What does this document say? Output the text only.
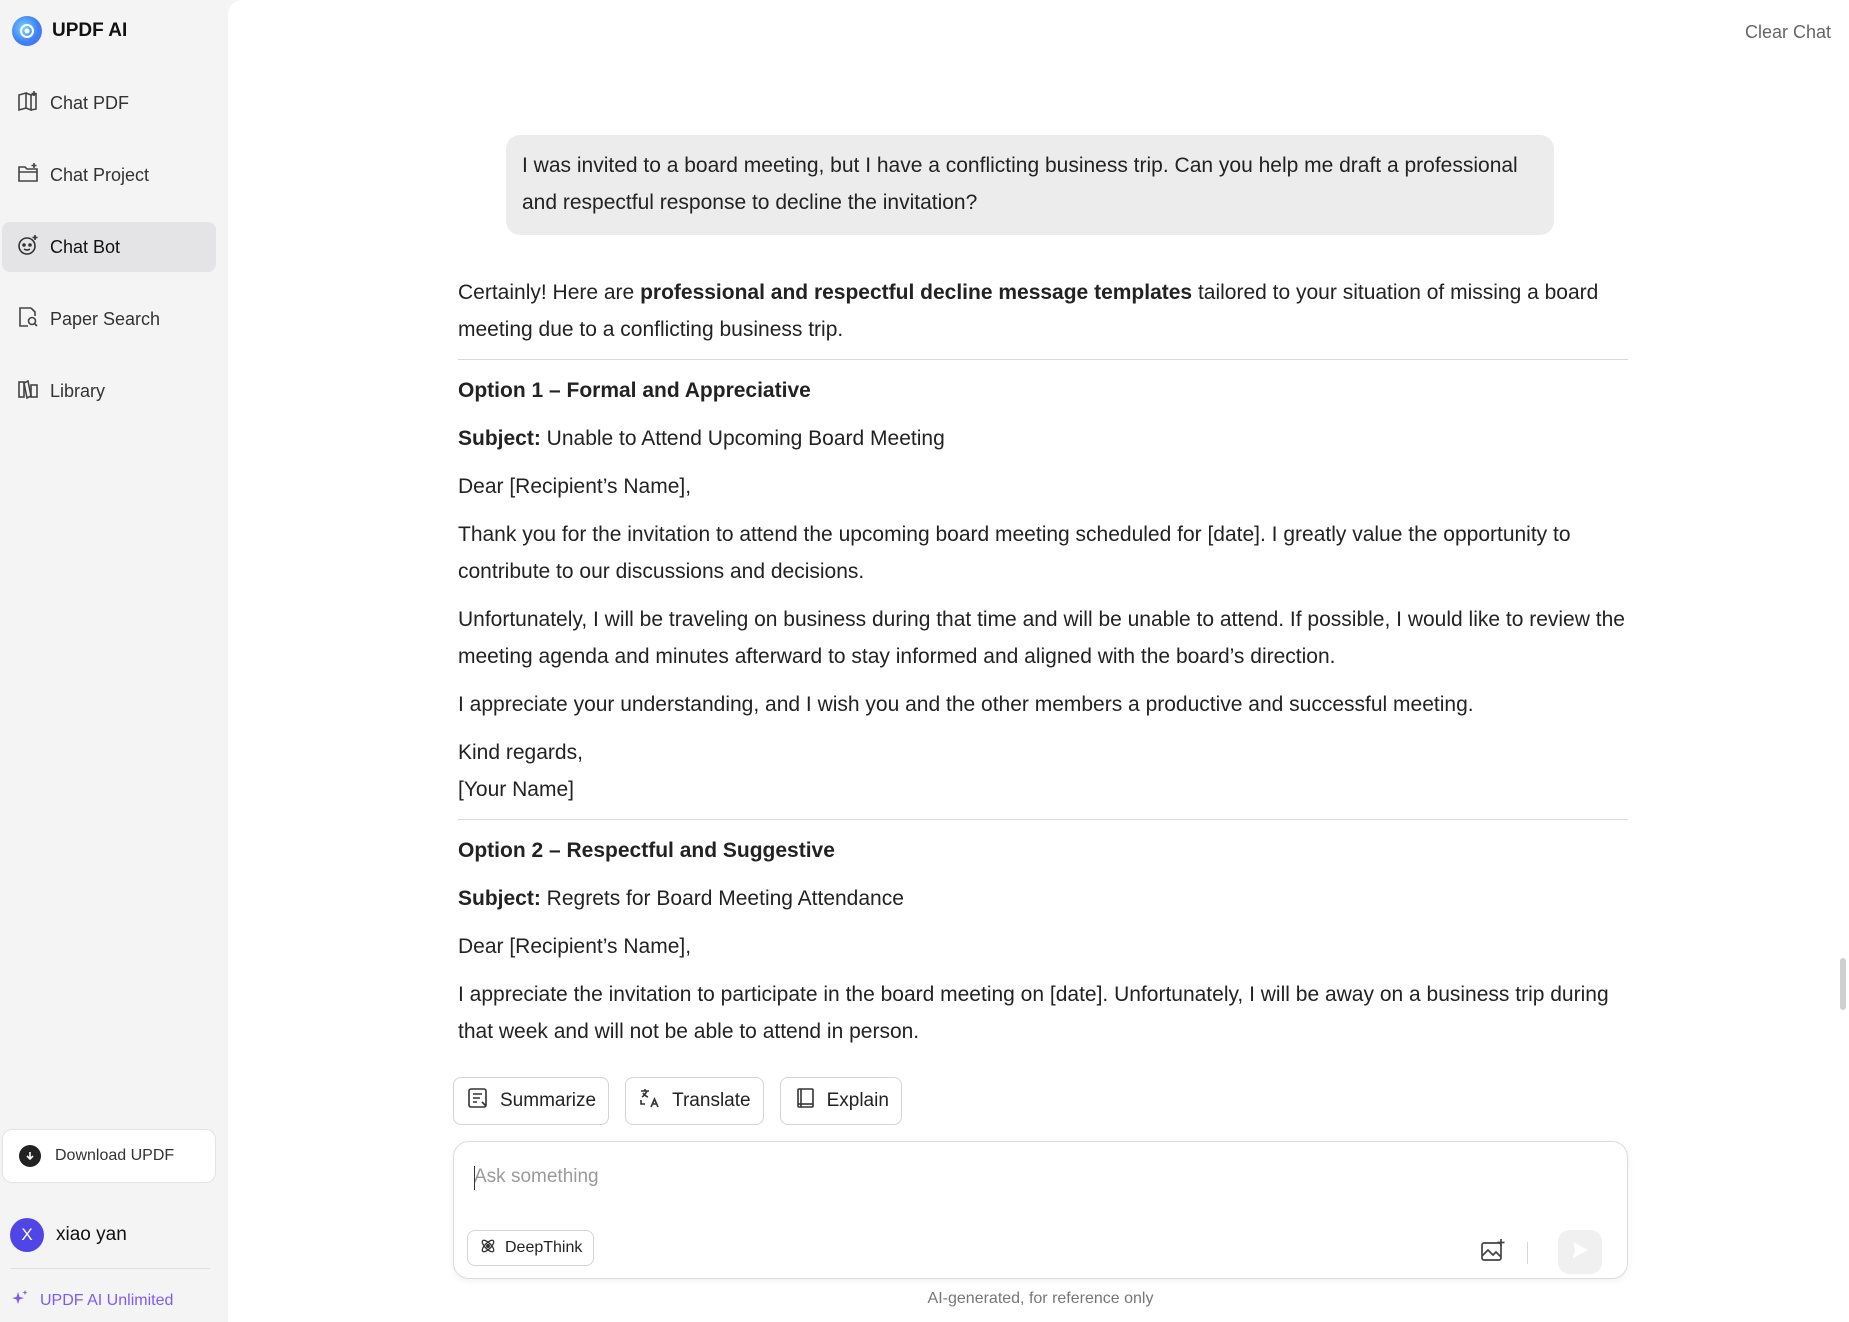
UPDF AI
Chat PDF
Chat Project
Chat Bot
Paper Search
Library
Download UPDF
X	xiao yan
UPDF AI Unlimited
Clear Chat
I was invited to a board meeting, but I have a conflicting business trip. Can you help me draft a professional and respectful response to decline the invitation?

Certainly! Here are professional and respectful decline message templates tailored to your situation of missing a board meeting due to a conflicting business trip.

Option 1 – Formal and Appreciative

Subject: Unable to Attend Upcoming Board Meeting

Dear [Recipient’s Name],

Thank you for the invitation to attend the upcoming board meeting scheduled for [date]. I greatly value the opportunity to contribute to our discussions and decisions.

Unfortunately, I will be traveling on business during that time and will be unable to attend. If possible, I would like to review the meeting agenda and minutes afterward to stay informed and aligned with the board’s direction.

I appreciate your understanding, and I wish you and the other members a productive and successful meeting.

Kind regards,
[Your Name]

Option 2 – Respectful and Suggestive

Subject: Regrets for Board Meeting Attendance

Dear [Recipient’s Name],

I appreciate the invitation to participate in the board meeting on [date]. Unfortunately, I will be away on a business trip during that week and will not be able to attend in person.

Summarize	Translate	Explain
Ask something
DeepThink
AI-generated, for reference only
